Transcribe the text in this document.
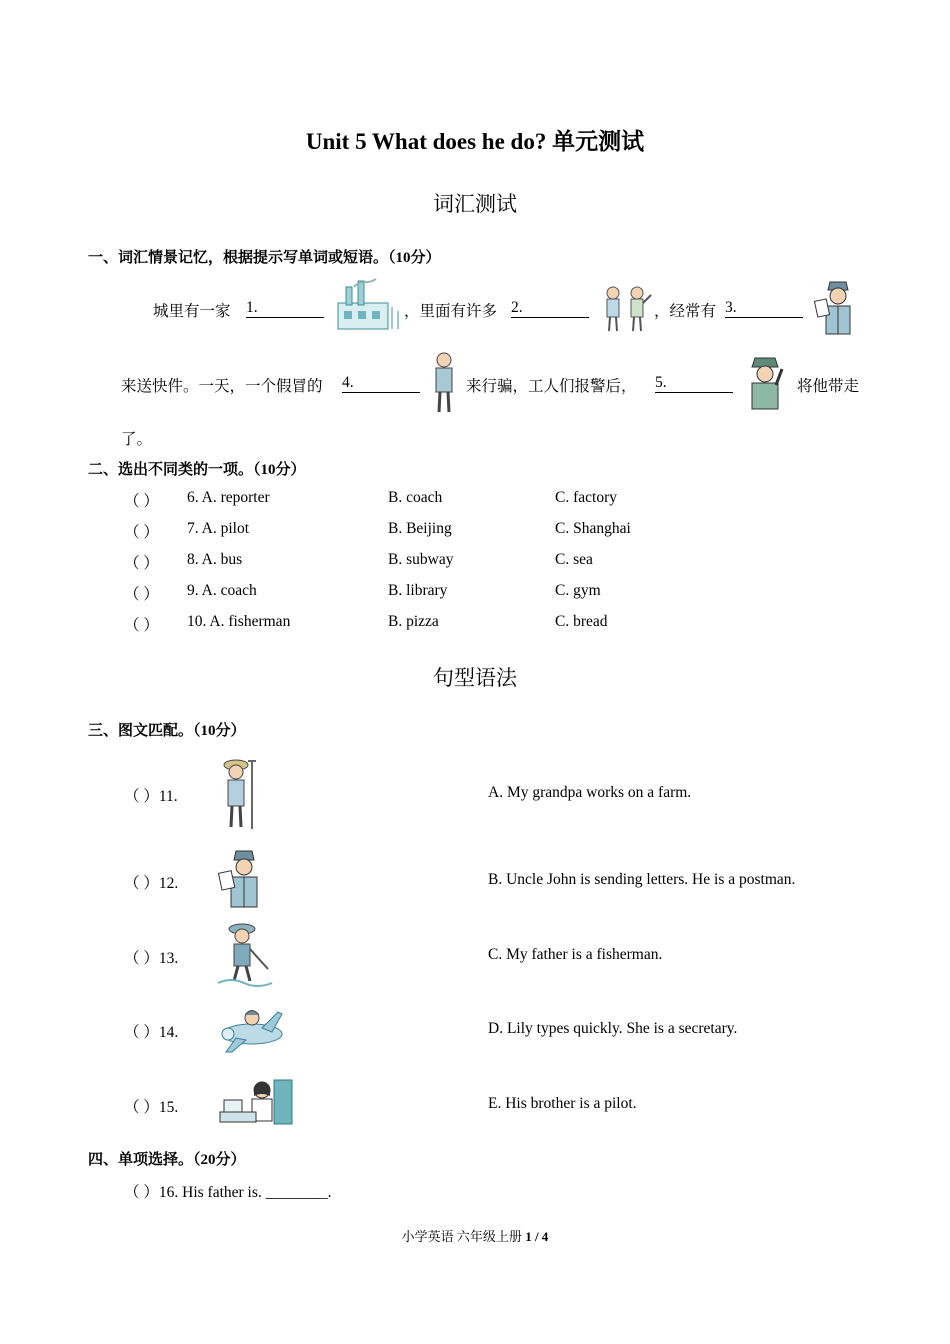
Unit 5 What does he do? 单元测试
词汇测试
一、词汇情景记忆，根据提示写单词或短语。（10分）
城里有一家 1.	，里面有许多 2.	，经常有 3.
来送快件。一天，一个假冒的 4.	来行骗，工人们报警后， 5.	将他带走
了。
二、选出不同类的一项。（10分）
（ ） 6. A. reporter	B. coach	C. factory
（ ） 7. A. pilot	B. Beijing	C. Shanghai
（ ） 8. A. bus	B. subway	C. sea
（ ） 9. A. coach	B. library	C. gym
（ ） 10. A. fisherman	B. pizza	C. bread
句型语法
三、图文匹配。（10分）
（ ）11.	A. My grandpa works on a farm.
（ ）12.	B. Uncle John is sending letters. He is a postman.
（ ）13.	C. My father is a fisherman.
（ ）14.	D. Lily types quickly. She is a secretary.
（ ）15.	E. His brother is a pilot.
四、单项选择。（20分）
（ ）16. His father is. ________.
小学英语 六年级上册 1 / 4
